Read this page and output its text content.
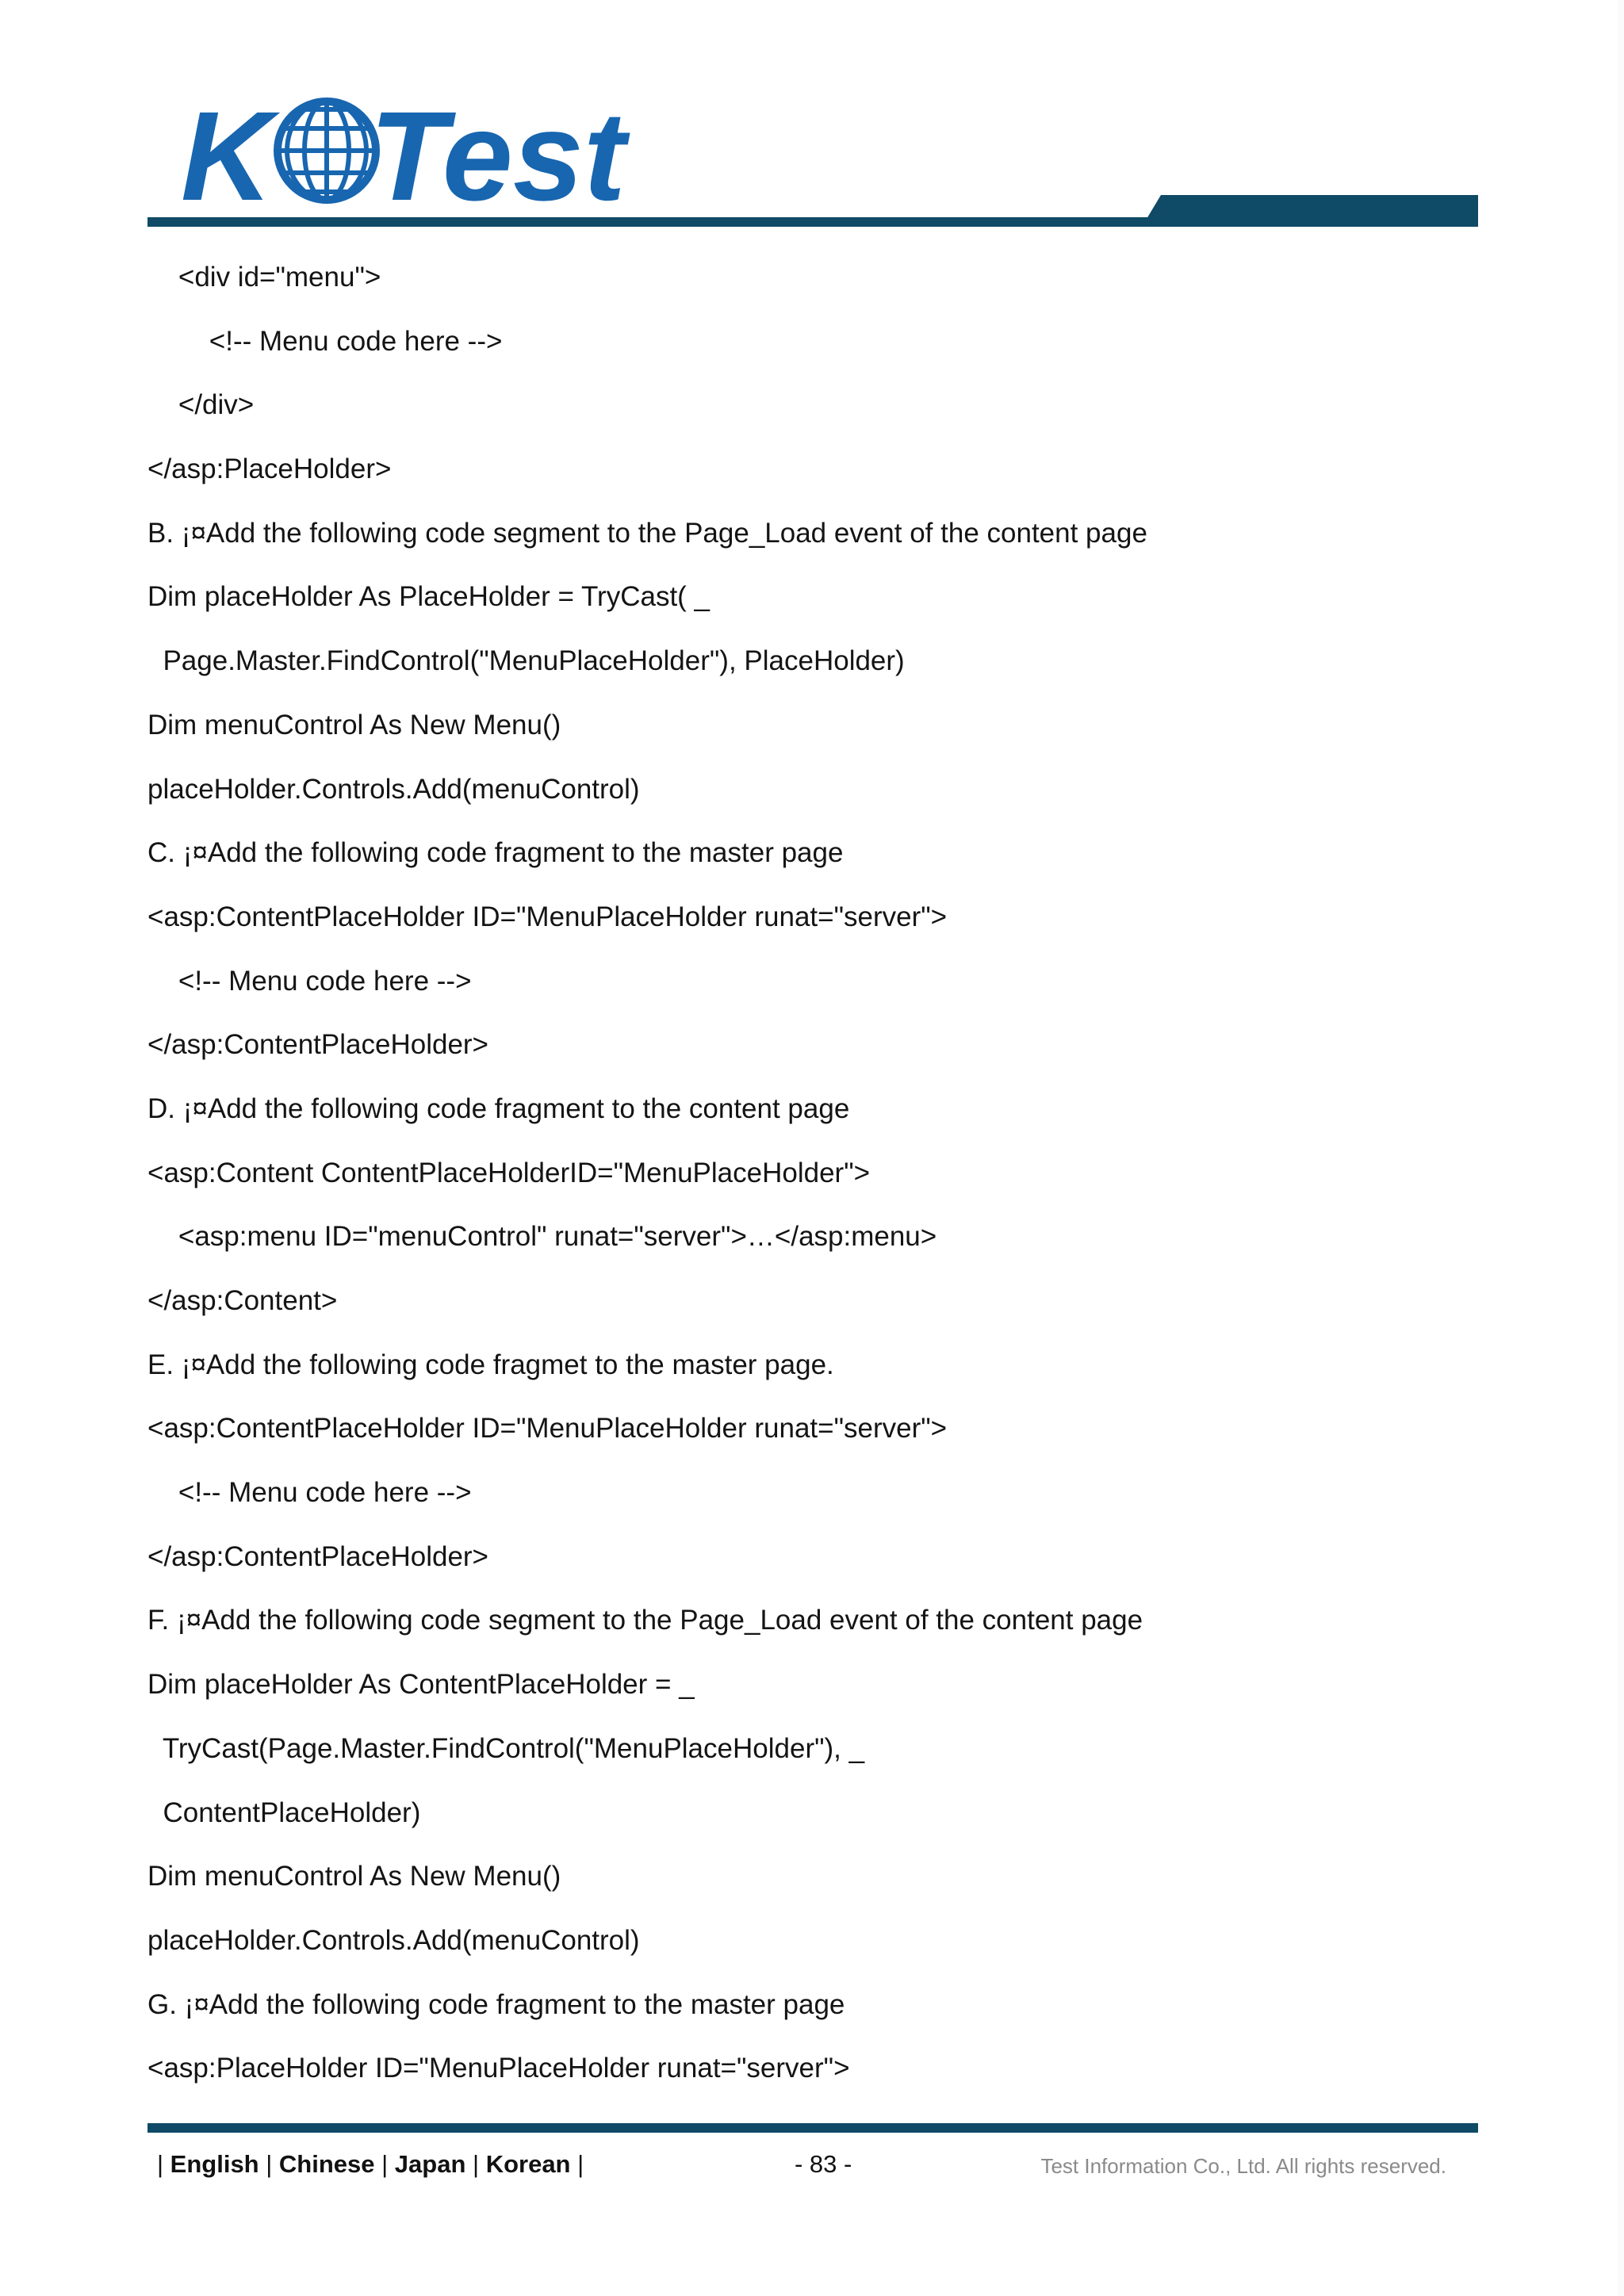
K Test
<div id="menu">
<!-- Menu code here -->
</div>
</asp:PlaceHolder>
B. ¡¤Add the following code segment to the Page_Load event of the content page
Dim placeHolder As PlaceHolder = TryCast( _
Page.Master.FindControl("MenuPlaceHolder"), PlaceHolder)
Dim menuControl As New Menu()
placeHolder.Controls.Add(menuControl)
C. ¡¤Add the following code fragment to the master page
<asp:ContentPlaceHolder ID="MenuPlaceHolder runat="server">
<!-- Menu code here -->
</asp:ContentPlaceHolder>
D. ¡¤Add the following code fragment to the content page
<asp:Content ContentPlaceHolderID="MenuPlaceHolder">
<asp:menu ID="menuControl" runat="server">…</asp:menu>
</asp:Content>
E. ¡¤Add the following code fragmet to the master page.
<asp:ContentPlaceHolder ID="MenuPlaceHolder runat="server">
<!-- Menu code here -->
</asp:ContentPlaceHolder>
F. ¡¤Add the following code segment to the Page_Load event of the content page
Dim placeHolder As ContentPlaceHolder = _
TryCast(Page.Master.FindControl("MenuPlaceHolder"), _
ContentPlaceHolder)
Dim menuControl As New Menu()
placeHolder.Controls.Add(menuControl)
G. ¡¤Add the following code fragment to the master page
<asp:PlaceHolder ID="MenuPlaceHolder runat="server">
| English | Chinese | Japan | Korean |	- 83 -	Test Information Co., Ltd. All rights reserved.
